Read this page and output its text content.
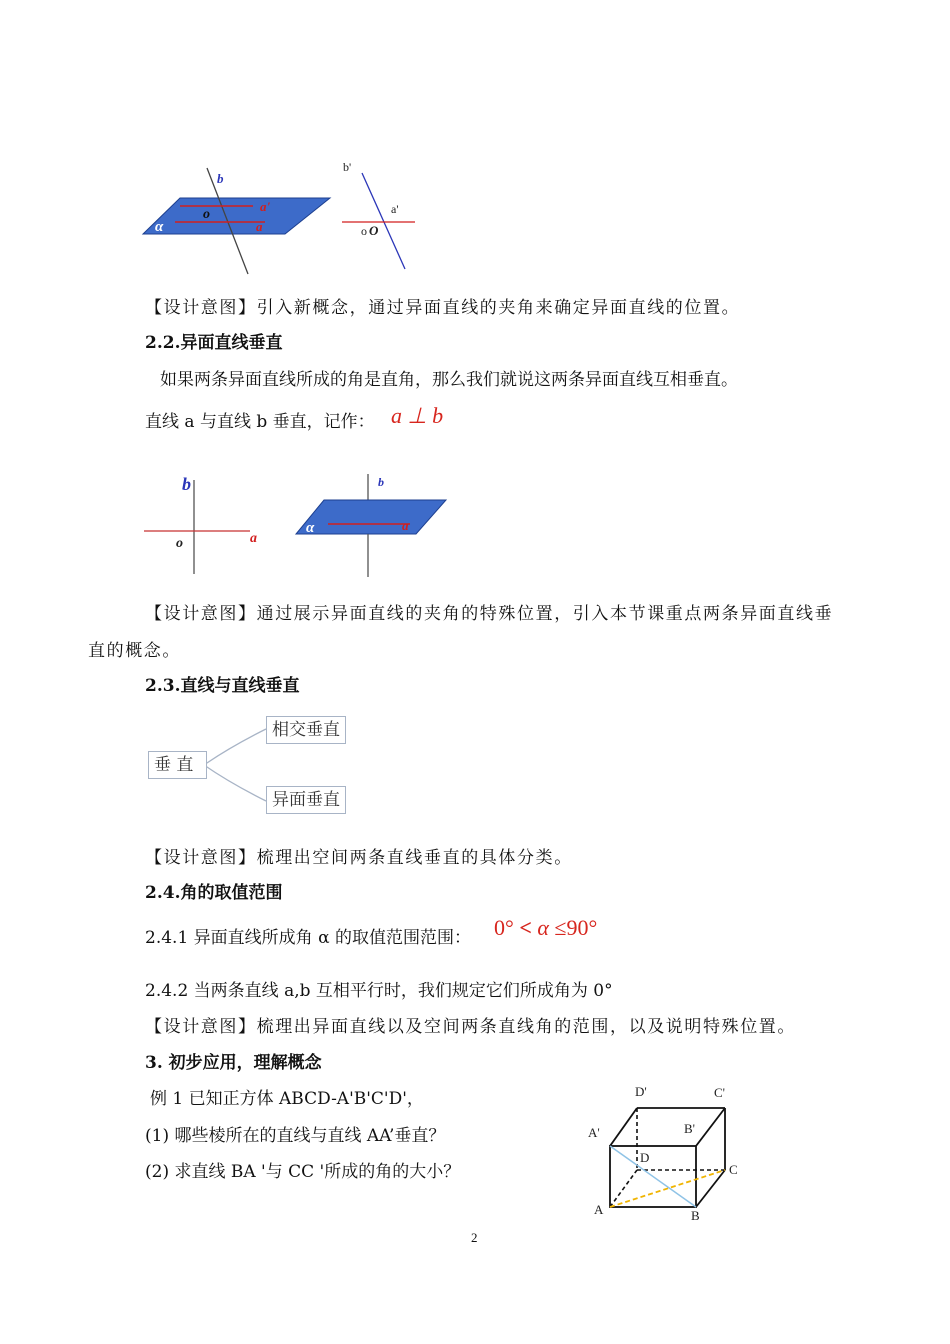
b
o
a'
α	a
b'
a'
o O
【设计意图】引入新概念，通过异面直线的夹角来确定异面直线的位置。
2.2.异面直线垂直
如果两条异面直线所成的角是直角，那么我们就说这两条异面直线互相垂直。
直线 a 与直线 b 垂直，记作： a ⊥ b
b
o	a
b
α	a
【设计意图】通过展示异面直线的夹角的特殊位置，引入本节课重点两条异面直线垂
直的概念。
2.3.直线与直线垂直
垂 直
相交垂直
异面垂直
【设计意图】梳理出空间两条直线垂直的具体分类。
2.4.角的取值范围
2.4.1 异面直线所成角 α 的取值范围范围： 0° < α ≤90°
2.4.2 当两条直线 a,b 互相平行时，我们规定它们所成角为 0°
【设计意图】梳理出异面直线以及空间两条直线角的范围，以及说明特殊位置。
3. 初步应用，理解概念
例 1 已知正方体 ABCD-A'B'C'D'，
(1) 哪些棱所在的直线与直线 AA’垂直？
(2) 求直线 BA '与 CC '所成的角的大小？
D'	C'
A'	B'
D
C
A	B
2
